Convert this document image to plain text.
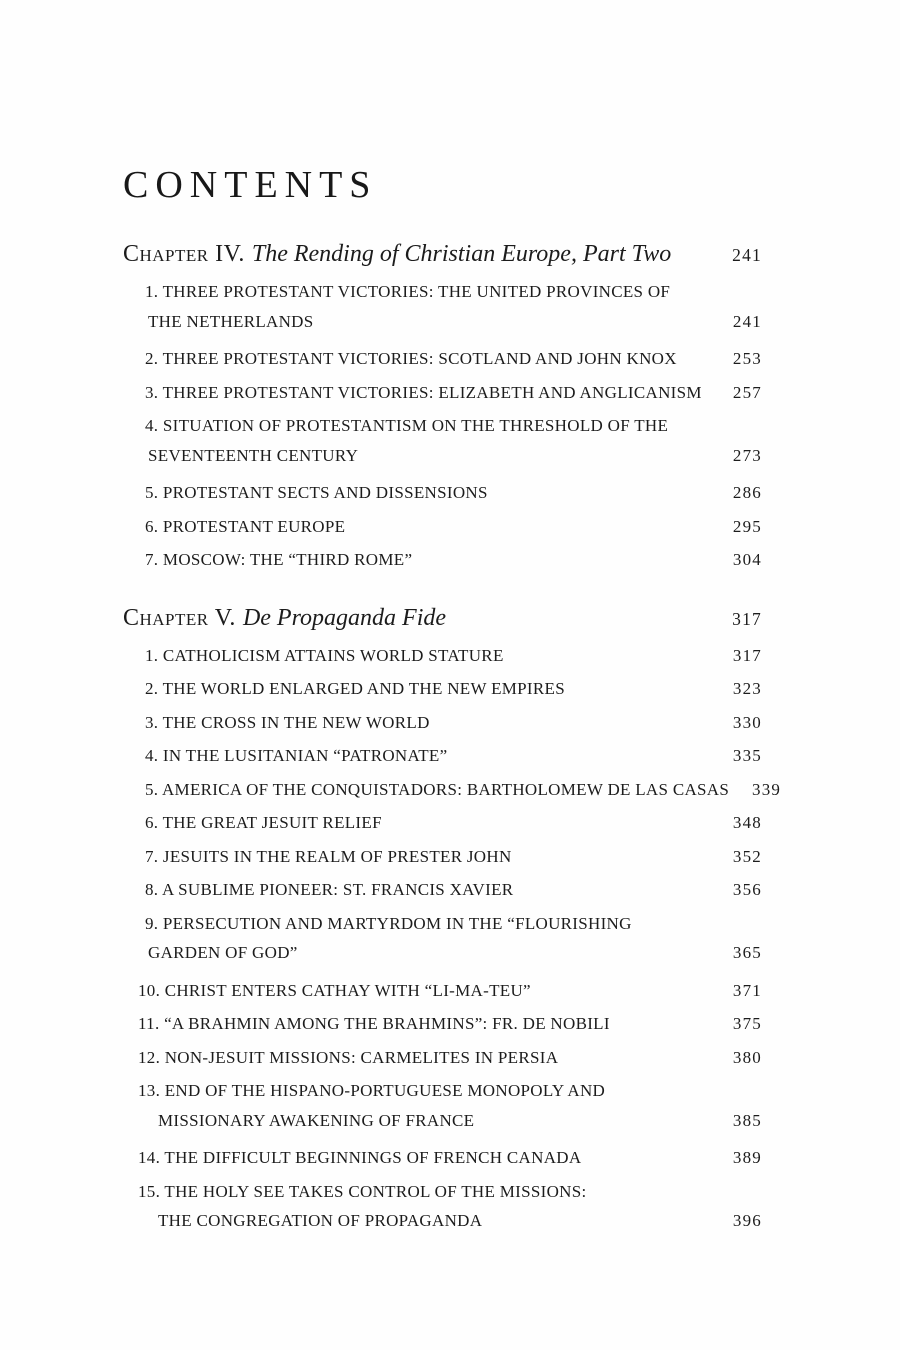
CONTENTS
Chapter IV. The Rending of Christian Europe, Part Two	241
1. THREE PROTESTANT VICTORIES: THE UNITED PROVINCES OF
THE NETHERLANDS	241
2. THREE PROTESTANT VICTORIES: SCOTLAND AND JOHN KNOX	253
3. THREE PROTESTANT VICTORIES: ELIZABETH AND ANGLICANISM	257
4. SITUATION OF PROTESTANTISM ON THE THRESHOLD OF THE
SEVENTEENTH CENTURY	273
5. PROTESTANT SECTS AND DISSENSIONS	286
6. PROTESTANT EUROPE	295
7. MOSCOW: THE “THIRD ROME”	304
Chapter V. De Propaganda Fide	317
1. CATHOLICISM ATTAINS WORLD STATURE	317
2. THE WORLD ENLARGED AND THE NEW EMPIRES	323
3. THE CROSS IN THE NEW WORLD	330
4. IN THE LUSITANIAN “PATRONATE”	335
5. AMERICA OF THE CONQUISTADORS: BARTHOLOMEW DE LAS CASAS	339
6. THE GREAT JESUIT RELIEF	348
7. JESUITS IN THE REALM OF PRESTER JOHN	352
8. A SUBLIME PIONEER: ST. FRANCIS XAVIER	356
9. PERSECUTION AND MARTYRDOM IN THE “FLOURISHING
GARDEN OF GOD”	365
10. CHRIST ENTERS CATHAY WITH “LI-MA-TEU”	371
11. “A BRAHMIN AMONG THE BRAHMINS”: FR. DE NOBILI	375
12. NON-JESUIT MISSIONS: CARMELITES IN PERSIA	380
13. END OF THE HISPANO-PORTUGUESE MONOPOLY AND
MISSIONARY AWAKENING OF FRANCE	385
14. THE DIFFICULT BEGINNINGS OF FRENCH CANADA	389
15. THE HOLY SEE TAKES CONTROL OF THE MISSIONS:
THE CONGREGATION OF PROPAGANDA	396
